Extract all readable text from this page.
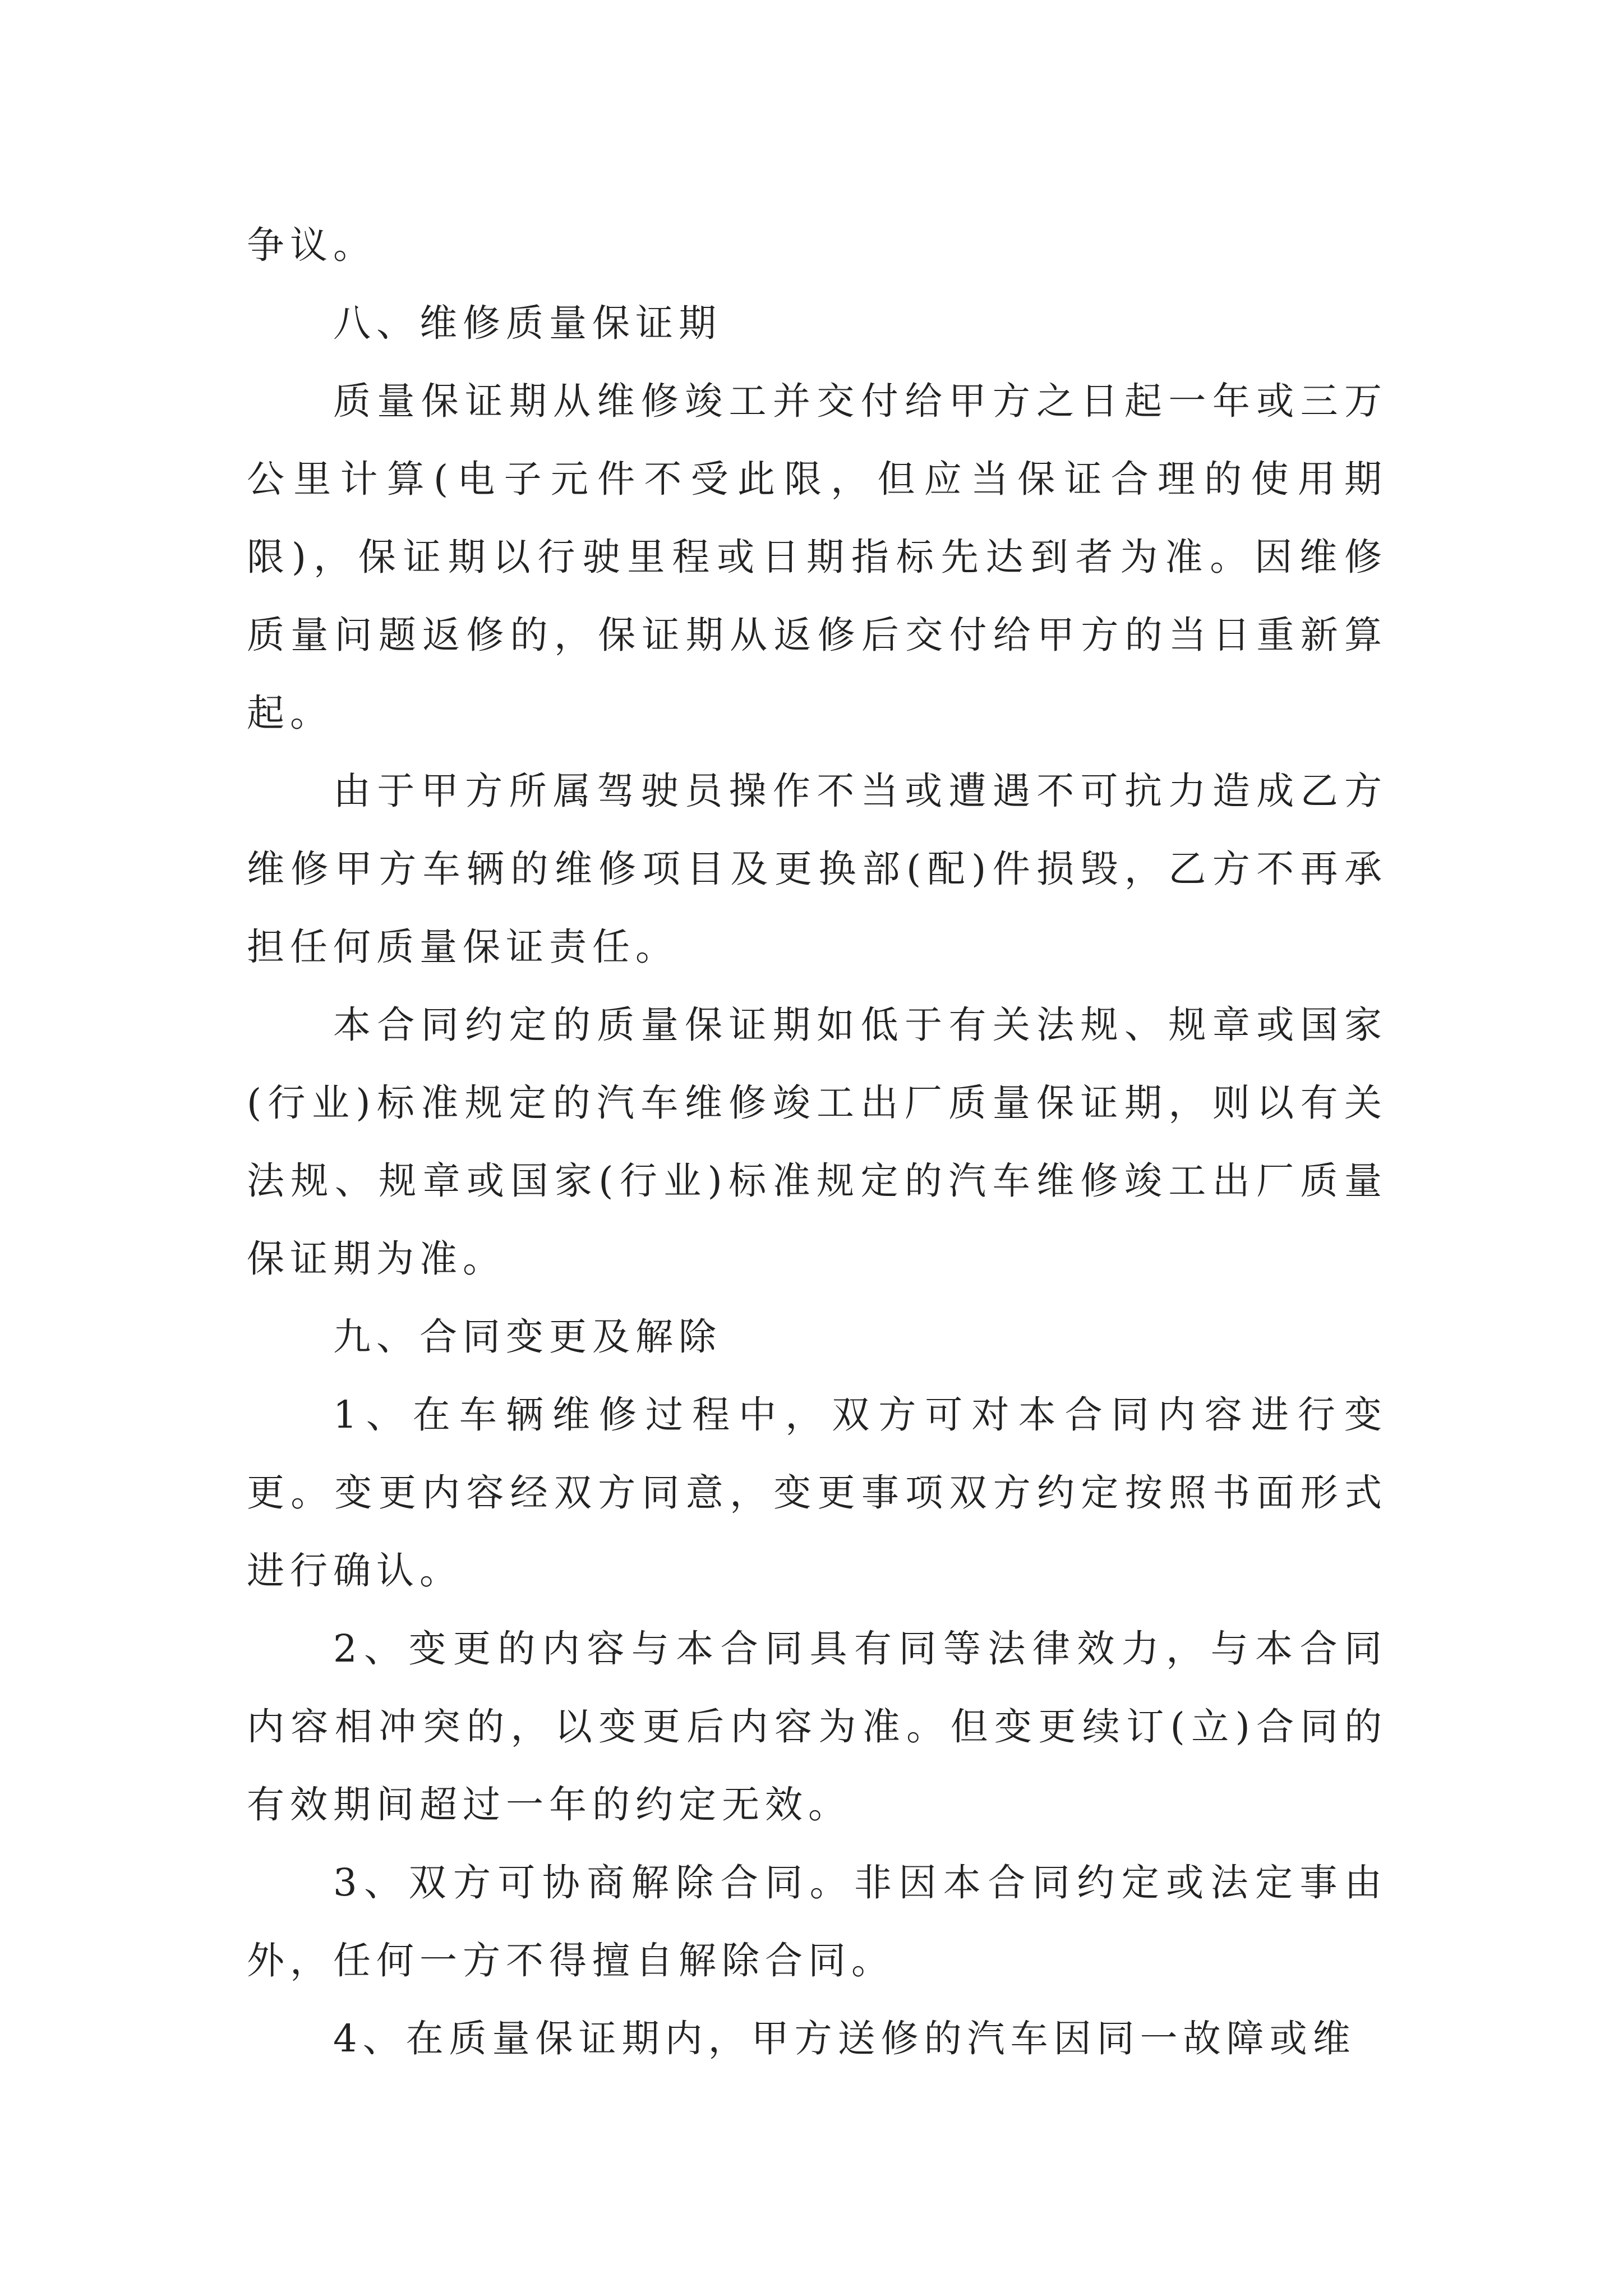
争议。

八、维修质量保证期

质量保证期从维修竣工并交付给甲方之日起一年或三万公里计算(电子元件不受此限，但应当保证合理的使用期限)，保证期以行驶里程或日期指标先达到者为准。因维修质量问题返修的，保证期从返修后交付给甲方的当日重新算起。

由于甲方所属驾驶员操作不当或遭遇不可抗力造成乙方维修甲方车辆的维修项目及更换部(配)件损毁，乙方不再承担任何质量保证责任。

本合同约定的质量保证期如低于有关法规、规章或国家(行业)标准规定的汽车维修竣工出厂质量保证期，则以有关法规、规章或国家(行业)标准规定的汽车维修竣工出厂质量保证期为准。

九、合同变更及解除

1、在车辆维修过程中，双方可对本合同内容进行变更。变更内容经双方同意，变更事项双方约定按照书面形式进行确认。

2、变更的内容与本合同具有同等法律效力，与本合同内容相冲突的，以变更后内容为准。但变更续订(立)合同的有效期间超过一年的约定无效。

3、双方可协商解除合同。非因本合同约定或法定事由外，任何一方不得擅自解除合同。

4、在质量保证期内，甲方送修的汽车因同一故障或维
